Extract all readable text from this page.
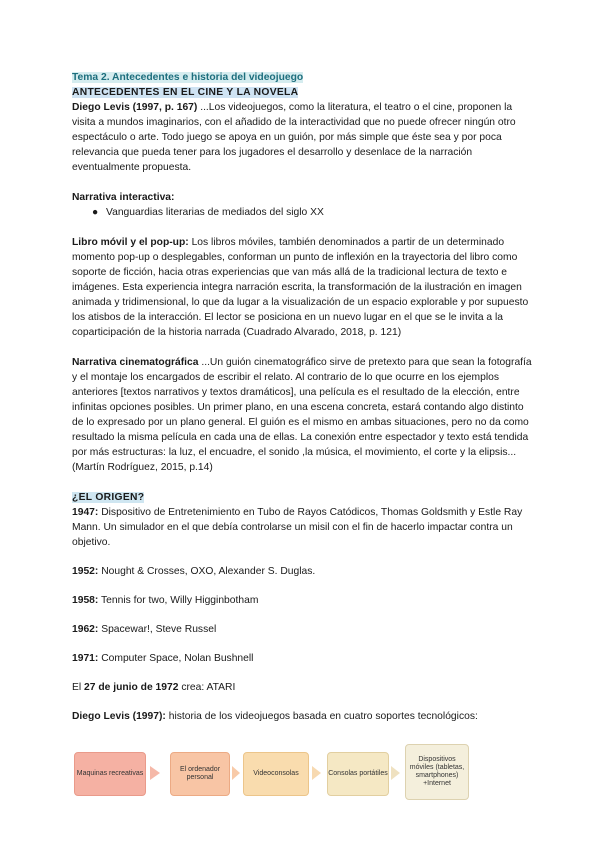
Tema 2. Antecedentes e historia del videojuego

ANTECEDENTES EN EL CINE Y LA NOVELA

Diego Levis (1997, p. 167) ...Los videojuegos, como la literatura, el teatro o el cine, proponen la visita a mundos imaginarios, con el añadido de la interactividad que no puede ofrecer ningún otro espectáculo o arte. Todo juego se apoya en un guión, por más simple que éste sea y por poca relevancia que pueda tener para los jugadores el desarrollo y desenlace de la narración eventualmente propuesta.

Narrativa interactiva:

● Vanguardias literarias de mediados del siglo XX

Libro móvil y el pop-up: Los libros móviles, también denominados a partir de un determinado momento pop-up o desplegables, conforman un punto de inflexión en la trayectoria del libro como soporte de ficción, hacia otras experiencias que van más allá de la tradicional lectura de texto e imágenes. Esta experiencia integra narración escrita, la transformación de la ilustración en imagen animada y tridimensional, lo que da lugar a la visualización de un espacio explorable y por supuesto los atisbos de la interacción. El lector se posiciona en un nuevo lugar en el que se le invita a la coparticipación de la historia narrada (Cuadrado Alvarado, 2018, p. 121)

Narrativa cinematográfica ...Un guión cinematográfico sirve de pretexto para que sean la fotografía y el montaje los encargados de escribir el relato. Al contrario de lo que ocurre en los ejemplos anteriores [textos narrativos y textos dramáticos], una película es el resultado de la elección, entre infinitas opciones posibles. Un primer plano, en una escena concreta, estará contando algo distinto de lo expresado por un plano general. El guión es el mismo en ambas situaciones, pero no da como resultado la misma película en cada una de ellas. La conexión entre espectador y texto está tendida por más estructuras: la luz, el encuadre, el sonido ,la música, el movimiento, el corte y la elipsis...(Martín Rodríguez, 2015, p.14)

¿EL ORIGEN?

1947: Dispositivo de Entretenimiento en Tubo de Rayos Catódicos, Thomas Goldsmith y Estle Ray Mann. Un simulador en el que debía controlarse un misil con el fin de hacerlo impactar contra un objetivo.

1952: Nought & Crosses, OXO, Alexander S. Duglas.

1958: Tennis for two, Willy Higginbotham

1962: Spacewar!, Steve Russel

1971: Computer Space, Nolan Bushnell

El 27 de junio de 1972 crea: ATARI

Diego Levis (1997): historia de los videojuegos basada en cuatro soportes tecnológicos:

Maquinas recreativas
El ordenador personal
Videoconsolas	Consolas portátiles
Dispositivos móviles (tabletas, smartphones) +Internet
